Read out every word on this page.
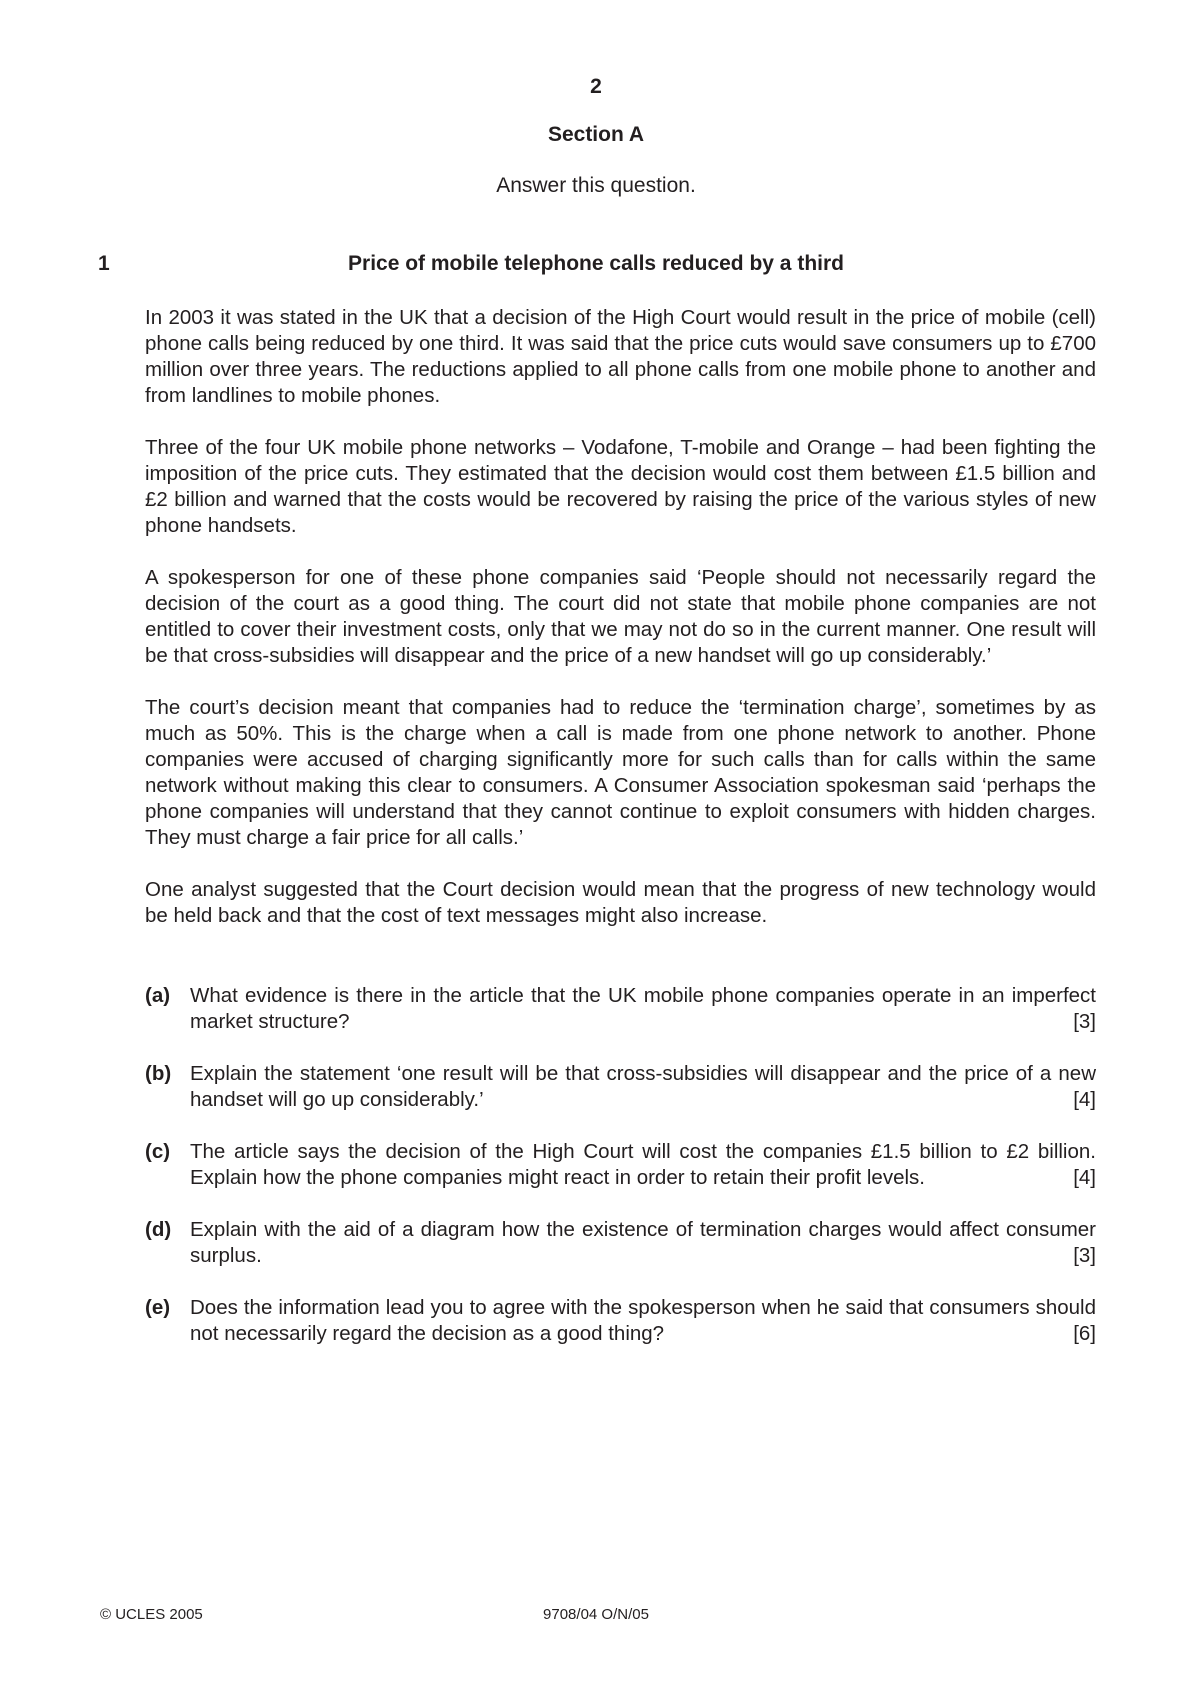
2
Section A
Answer this question.
1	Price of mobile telephone calls reduced by a third

In 2003 it was stated in the UK that a decision of the High Court would result in the price of mobile (cell) phone calls being reduced by one third. It was said that the price cuts would save consumers up to £700 million over three years. The reductions applied to all phone calls from one mobile phone to another and from landlines to mobile phones.

Three of the four UK mobile phone networks – Vodafone, T-mobile and Orange – had been fighting the imposition of the price cuts. They estimated that the decision would cost them between £1.5 billion and £2 billion and warned that the costs would be recovered by raising the price of the various styles of new phone handsets.

A spokesperson for one of these phone companies said ‘People should not necessarily regard the decision of the court as a good thing. The court did not state that mobile phone companies are not entitled to cover their investment costs, only that we may not do so in the current manner. One result will be that cross-subsidies will disappear and the price of a new handset will go up considerably.’

The court’s decision meant that companies had to reduce the ‘termination charge’, sometimes by as much as 50%. This is the charge when a call is made from one phone network to another. Phone companies were accused of charging significantly more for such calls than for calls within the same network without making this clear to consumers. A Consumer Association spokesman said ‘perhaps the phone companies will understand that they cannot continue to exploit consumers with hidden charges. They must charge a fair price for all calls.’

One analyst suggested that the Court decision would mean that the progress of new technology would be held back and that the cost of text messages might also increase.

(a) What evidence is there in the article that the UK mobile phone companies operate in an imperfect market structure?	[3]
(b) Explain the statement ‘one result will be that cross-subsidies will disappear and the price of a new handset will go up considerably.’	[4]
(c) The article says the decision of the High Court will cost the companies £1.5 billion to £2 billion. Explain how the phone companies might react in order to retain their profit levels.	[4]
(d) Explain with the aid of a diagram how the existence of termination charges would affect consumer surplus.	[3]
(e) Does the information lead you to agree with the spokesperson when he said that consumers should not necessarily regard the decision as a good thing?	[6]
© UCLES 2005	9708/04 O/N/05
